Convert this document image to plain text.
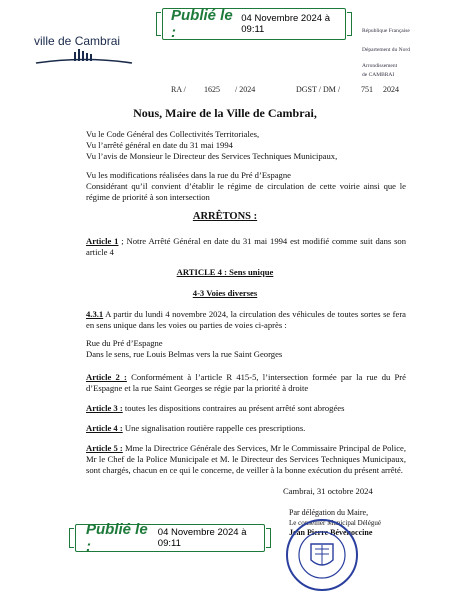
Publié le :
04 Novembre 2024 à 09:11
ville de Cambrai
République Française
Département du Nord
Arrondissement
de CAMBRAI
RA / 1625 / 2024	DGST / DM /	751 2024
Nous, Maire de la Ville de Cambrai,
Vu le Code Général des Collectivités Territoriales,
Vu l’arrêté général en date du 31 mai 1994
Vu l’avis de Monsieur le Directeur des Services Techniques Municipaux,
Vu les modifications réalisées dans la rue du Pré d’Espagne
Considérant qu’il convient d’établir le régime de circulation de cette voirie ainsi que le régime de priorité à son intersection
ARRÊTONS :
Article 1 ; Notre Arrêté Général en date du 31 mai 1994 est modifié comme suit dans son article 4
ARTICLE 4 : Sens unique
4-3 Voies diverses
4.3.1 A partir du lundi 4 novembre 2024, la circulation des véhicules de toutes sortes se fera en sens unique dans les voies ou parties de voies ci-après :
Rue du Pré d’Espagne
Dans le sens, rue Louis Belmas vers la rue Saint Georges
Article 2 : Conformément à l’article R 415-5, l’intersection formée par la rue du Pré d’Espagne et la rue Saint Georges se régie par la priorité à droite
Article 3 : toutes les dispositions contraires au présent arrêté sont abrogées
Article 4 : Une signalisation routière rappelle ces prescriptions.
Article 5 : Mme la Directrice Générale des Services, Mr le Commissaire Principal de Police, Mr le Chef de la Police Municipale et M. le Directeur des Services Techniques Municipaux, sont chargés, chacun en ce qui le concerne, de veiller à la bonne exécution du présent arrêté.
Cambrai, 31 octobre 2024
Par délégation du Maire,
Le conseiller Municipal Délégué
Jean Pierre Bévenoccine
Publié le :
04 Novembre 2024 à 09:11
